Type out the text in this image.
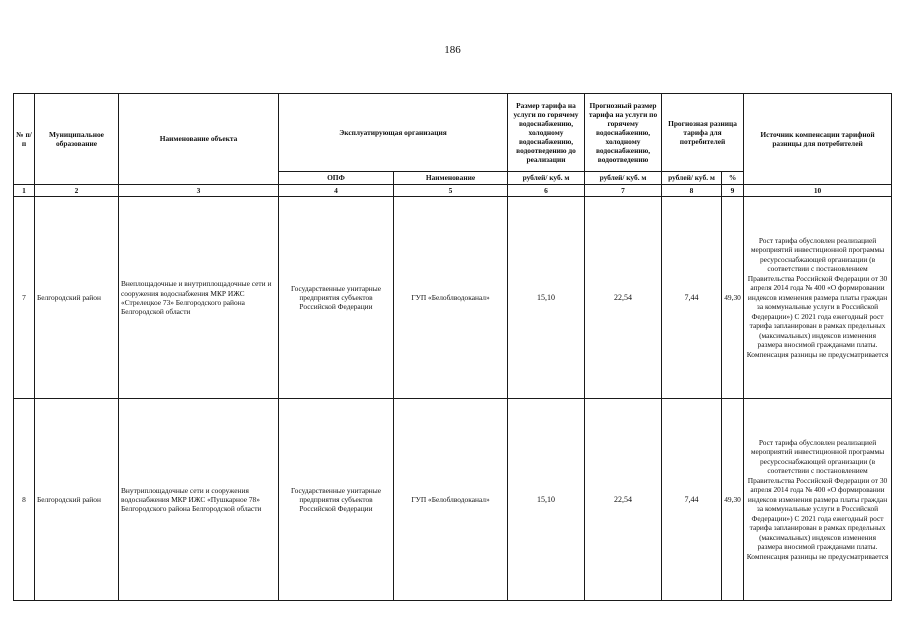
186
№ п/п	Муниципальное образование	Наименование объекта	Эксплуатирующая организация		Размер тарифа на услуги по горячему водоснабжению, холодному водоснабжению, водоотведению до реализации	Прогнозный размер тарифа на услуги по горячему водоснабжению, холодному водоснабжению, водоотведению	Прогнозная разница тарифа для потребителей		Источник компенсации тарифной разницы для потребителей
			ОПФ	Наименование	рублей/ куб. м	рублей/ куб. м	рублей/ куб. м	%	
1	2	3	4	5	6	7	8	9	10
7	Белгородский район	Внеплощадочные и внутриплощадочные сети и сооружения водоснабжения МКР ИЖС «Стрелецкое 73» Белгородского района Белгородской области	Государственные унитарные предприятия субъектов Российской Федерации	ГУП «Белоблводоканал»	15,10	22,54	7,44	49,30	Рост тарифа обусловлен реализацией мероприятий инвестиционной программы ресурсоснабжающей организации (в соответствии с постановлением Правительства Российской Федерации от 30 апреля 2014 года № 400 «О формировании индексов изменения размера платы граждан за коммунальные услуги в Российской Федерации») С 2021 года ежегодный рост тарифа запланирован в рамках предельных (максимальных) индексов изменения размера вносимой гражданами платы. Компенсация разницы не предусматривается
8	Белгородский район	Внутриплощадочные сети и сооружения водоснабжения МКР ИЖС «Пушкарное 78» Белгородского района Белгородской области	Государственные унитарные предприятия субъектов Российской Федерации	ГУП «Белоблводоканал»	15,10	22,54	7,44	49,30	Рост тарифа обусловлен реализацией мероприятий инвестиционной программы ресурсоснабжающей организации (в соответствии с постановлением Правительства Российской Федерации от 30 апреля 2014 года № 400 «О формировании индексов изменения размера платы граждан за коммунальные услуги в Российской Федерации») С 2021 года ежегодный рост тарифа запланирован в рамках предельных (максимальных) индексов изменения размера вносимой гражданами платы. Компенсация разницы не предусматривается
